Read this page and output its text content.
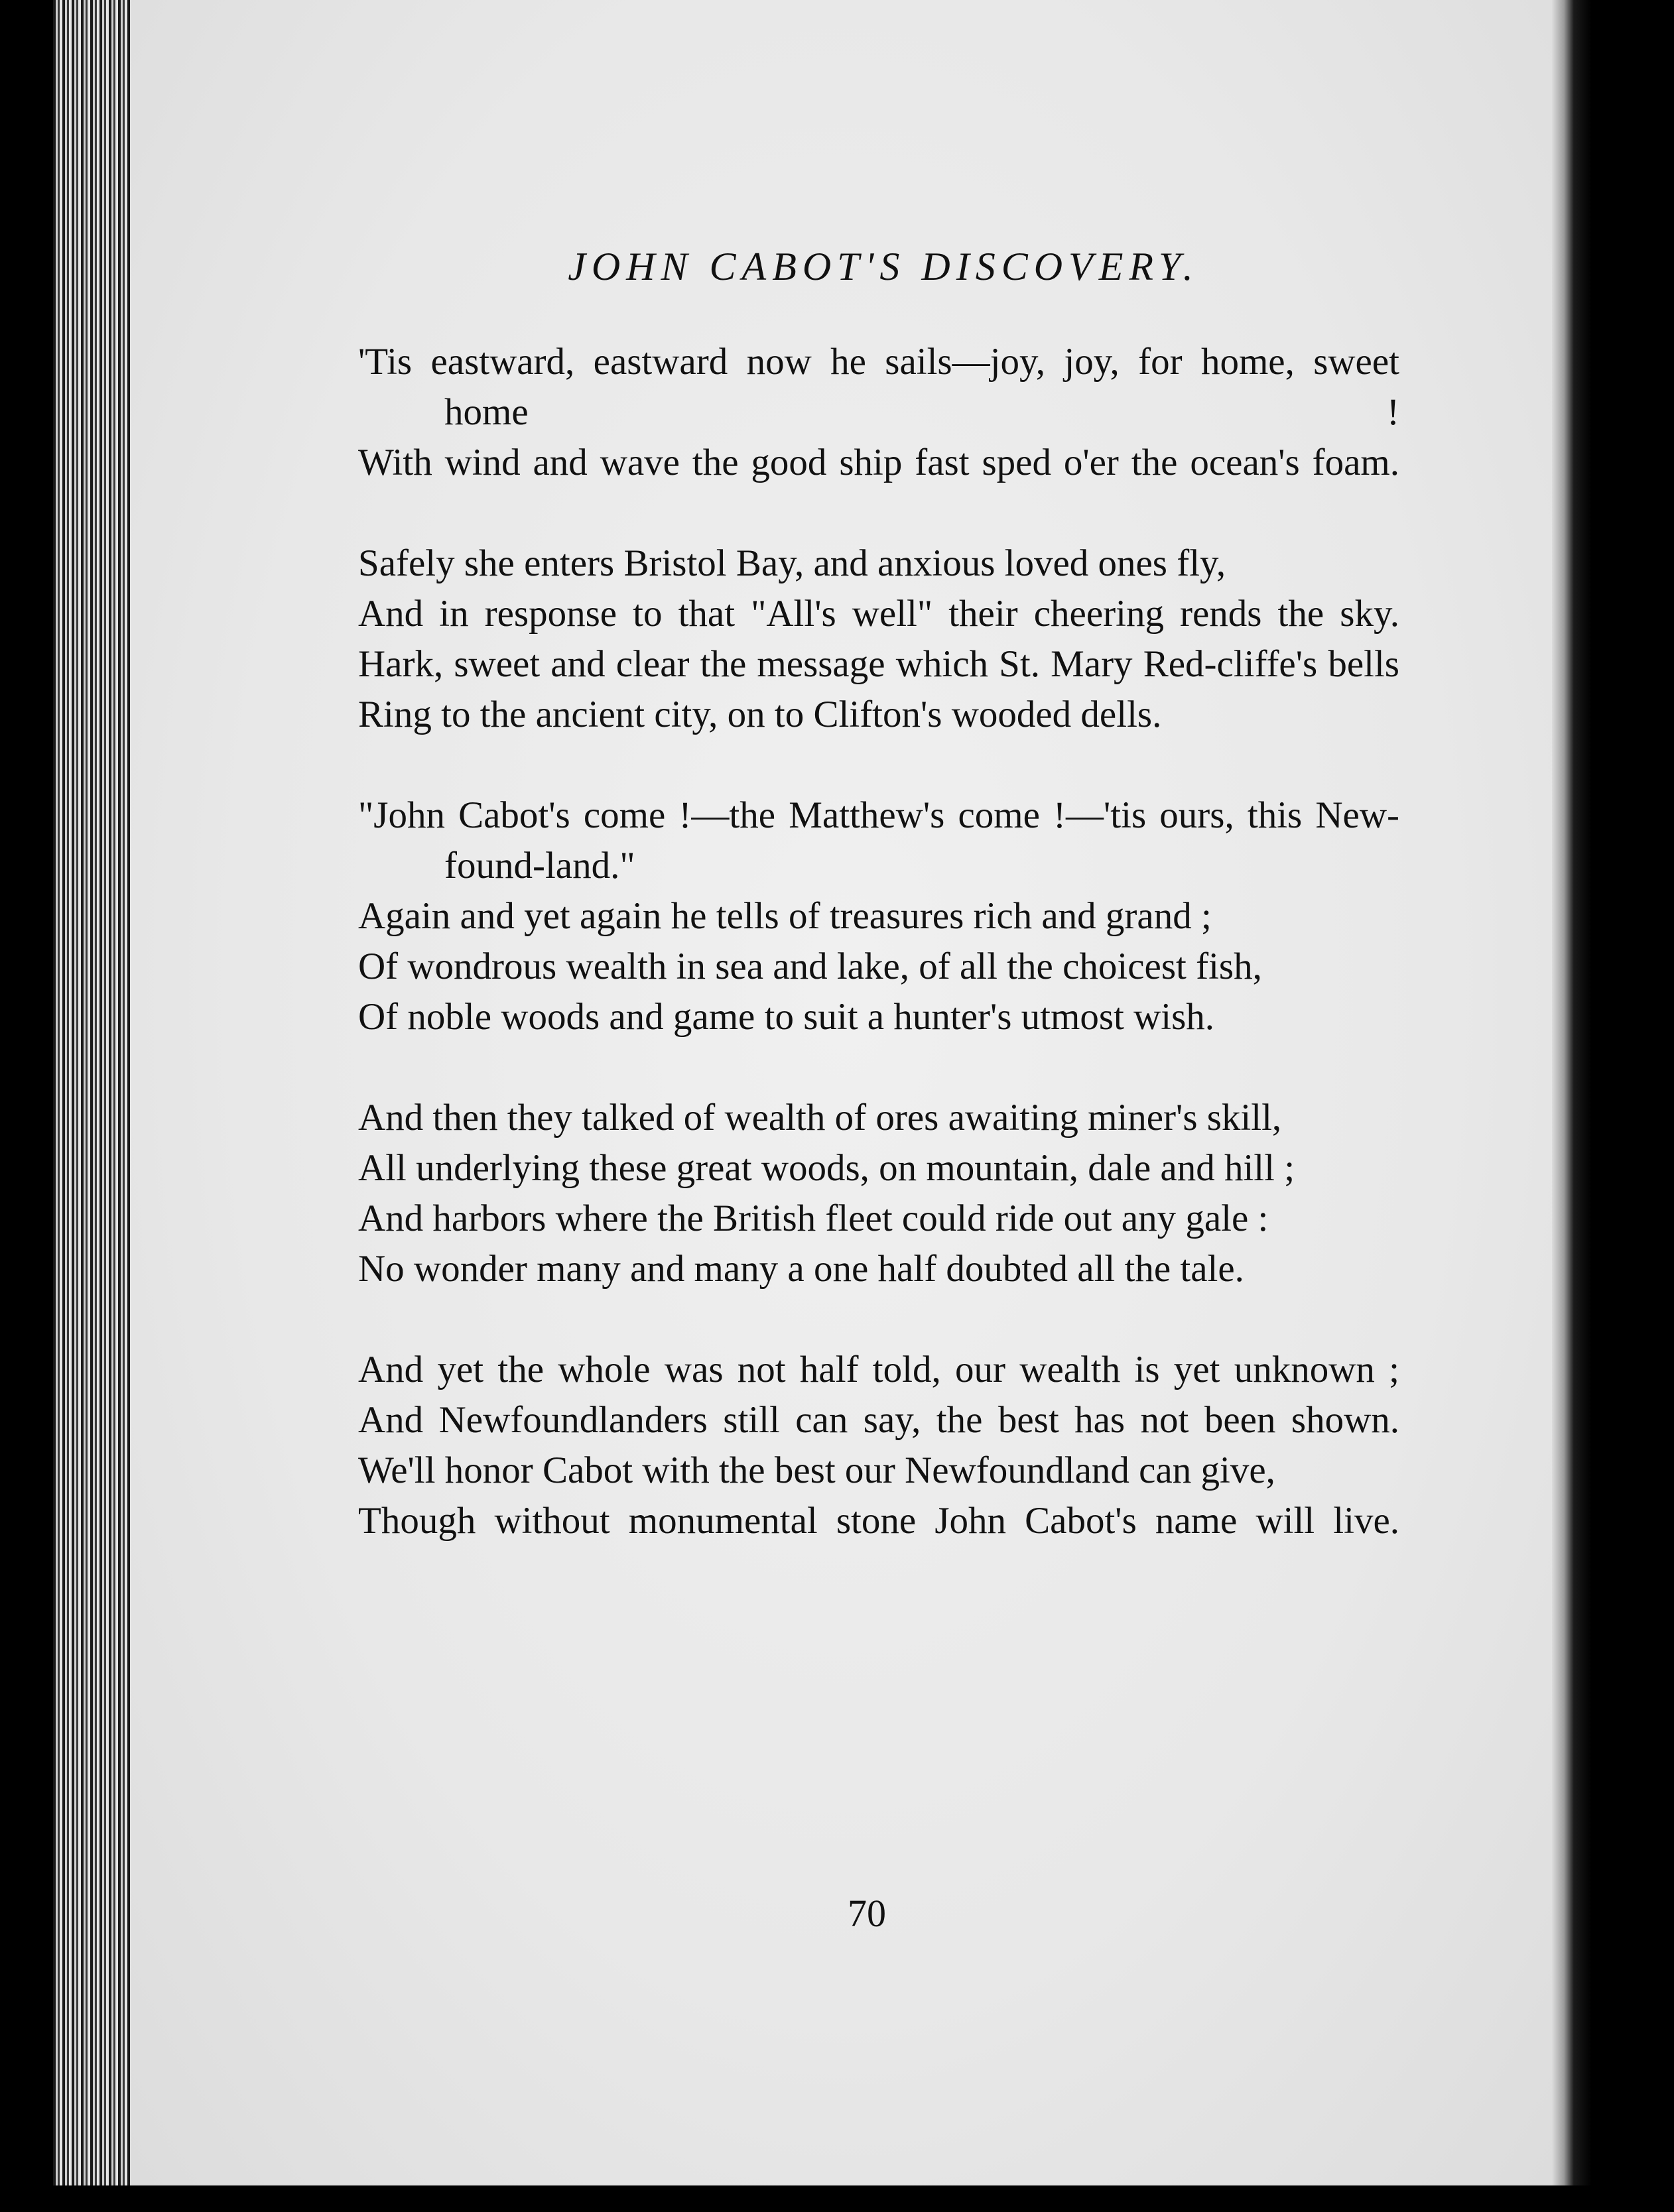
JOHN CABOT'S DISCOVERY.
'Tis eastward, eastward now he sails—joy, joy, for home, sweet home !
With wind and wave the good ship fast sped o'er the ocean's foam.
Safely she enters Bristol Bay, and anxious loved ones fly,
And in response to that "All's well" their cheering rends the sky.
Hark, sweet and clear the message which St. Mary Red-cliffe's bells
Ring to the ancient city, on to Clifton's wooded dells.
"John Cabot's come !—the Matthew's come !—'tis ours, this New-found-land."
Again and yet again he tells of treasures rich and grand ;
Of wondrous wealth in sea and lake, of all the choicest fish,
Of noble woods and game to suit a hunter's utmost wish.
And then they talked of wealth of ores awaiting miner's skill,
All underlying these great woods, on mountain, dale and hill ;
And harbors where the British fleet could ride out any gale :
No wonder many and many a one half doubted all the tale.
And yet the whole was not half told, our wealth is yet unknown ;
And Newfoundlanders still can say, the best has not been shown.
We'll honor Cabot with the best our Newfoundland can give,
Though without monumental stone John Cabot's name will live.
70
